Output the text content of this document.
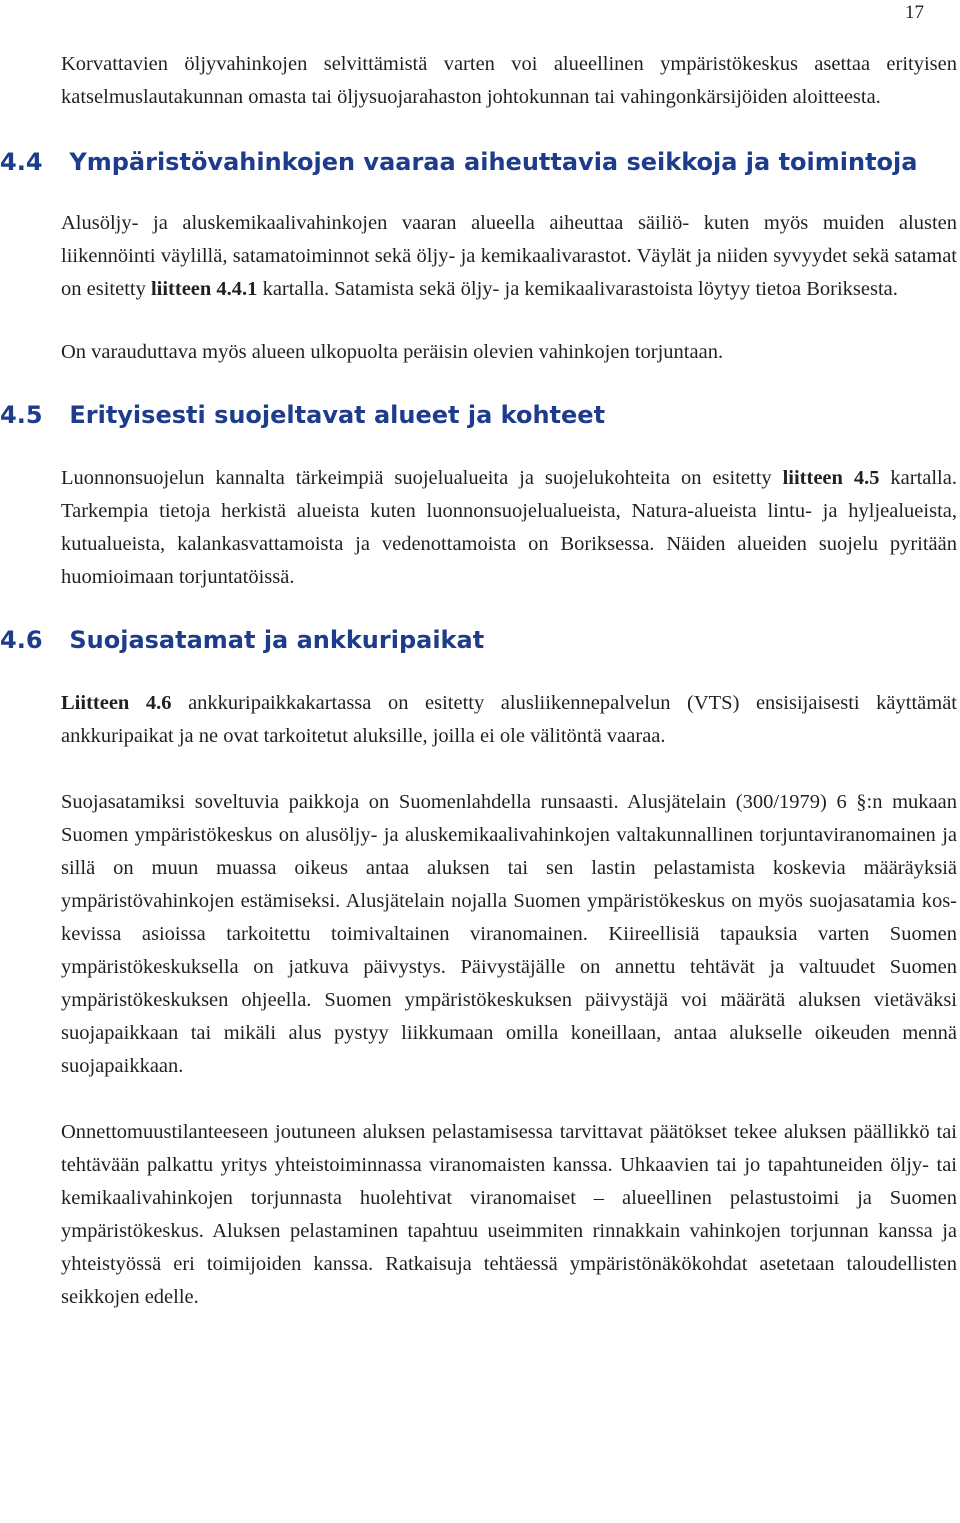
17

Korvattavien öljyvahinkojen selvittämistä varten voi alueellinen ympäristökeskus asettaa erityisen katselmuslautakunnan omasta tai öljysuojarahaston johtokunnan tai vahingonkärsijöiden aloitteesta.

4.4 Ympäristövahinkojen vaaraa aiheuttavia seikkoja ja toimintoja

Alusöljy- ja aluskemikaalivahinkojen vaaran alueella aiheuttaa säiliö- kuten myös muiden alusten liikennöinti väylillä, satamatoiminnot sekä öljy- ja kemikaalivarastot. Väylät ja niiden syvyydet sekä satamat on esitetty liitteen 4.4.1 kartalla. Satamista sekä öljy- ja kemikaalivarastoista löytyy tietoa Boriksesta.

On varauduttava myös alueen ulkopuolta peräisin olevien vahinkojen torjuntaan.

4.5 Erityisesti suojeltavat alueet ja kohteet

Luonnonsuojelun kannalta tärkeimpiä suojelualueita ja suojelukohteita on esitetty liitteen 4.5 kartalla. Tarkempia tietoja herkistä alueista kuten luonnonsuojelualueista, Natura-alueista lintu- ja hyljealueista, kutualueista, kalankasvattamoista ja vedenottamoista on Boriksessa. Näiden alueiden suojelu pyritään huomioimaan torjuntatöissä.

4.6 Suojasatamat ja ankkuripaikat

Liitteen 4.6 ankkuripaikkakartassa on esitetty alusliikennepalvelun (VTS) ensisijaisesti käyttämät ankkuripaikat ja ne ovat tarkoitetut aluksille, joilla ei ole välitöntä vaaraa.

Suojasatamiksi soveltuvia paikkoja on Suomenlahdella runsaasti. Alusjätelain (300/1979) 6 §:n mukaan Suomen ympäristökeskus on alusöljy- ja aluskemikaalivahinkojen valtakunnallinen torjuntaviranomainen ja sillä on muun muassa oikeus antaa aluksen tai sen lastin pelastamista koskevia määräyksiä ympäristövahinkojen estämiseksi. Alusjätelain nojalla Suomen ympäristökeskus on myös suojasatamia koskevissa asioissa tarkoitettu toimivaltainen viranomainen. Kiireellisiä tapauksia varten Suomen ympäristökeskuksella on jatkuva päivystys. Päivystäjälle on annettu tehtävät ja valtuudet Suomen ympäristökeskuksen ohjeella. Suomen ympäristökeskuksen päivystäjä voi määrätä aluksen vietäväksi suojapaikkaan tai mikäli alus pystyy liikkumaan omilla koneillaan, antaa alukselle oikeuden mennä suojapaikkaan.

Onnettomuustilanteeseen joutuneen aluksen pelastamisessa tarvittavat päätökset tekee aluksen päällikkö tai tehtävään palkattu yritys yhteistoiminnassa viranomaisten kanssa. Uhkaavien tai jo tapahtuneiden öljy- tai kemikaalivahinkojen torjunnasta huolehtivat viranomaiset – alueellinen pelastustoimi ja Suomen ympäristökeskus. Aluksen pelastaminen tapahtuu useimmiten rinnakkain vahinkojen torjunnan kanssa ja yhteistyössä eri toimijoiden kanssa. Ratkaisuja tehtäessä ympäristönäkökohdat asetetaan taloudellisten seikkojen edelle.
